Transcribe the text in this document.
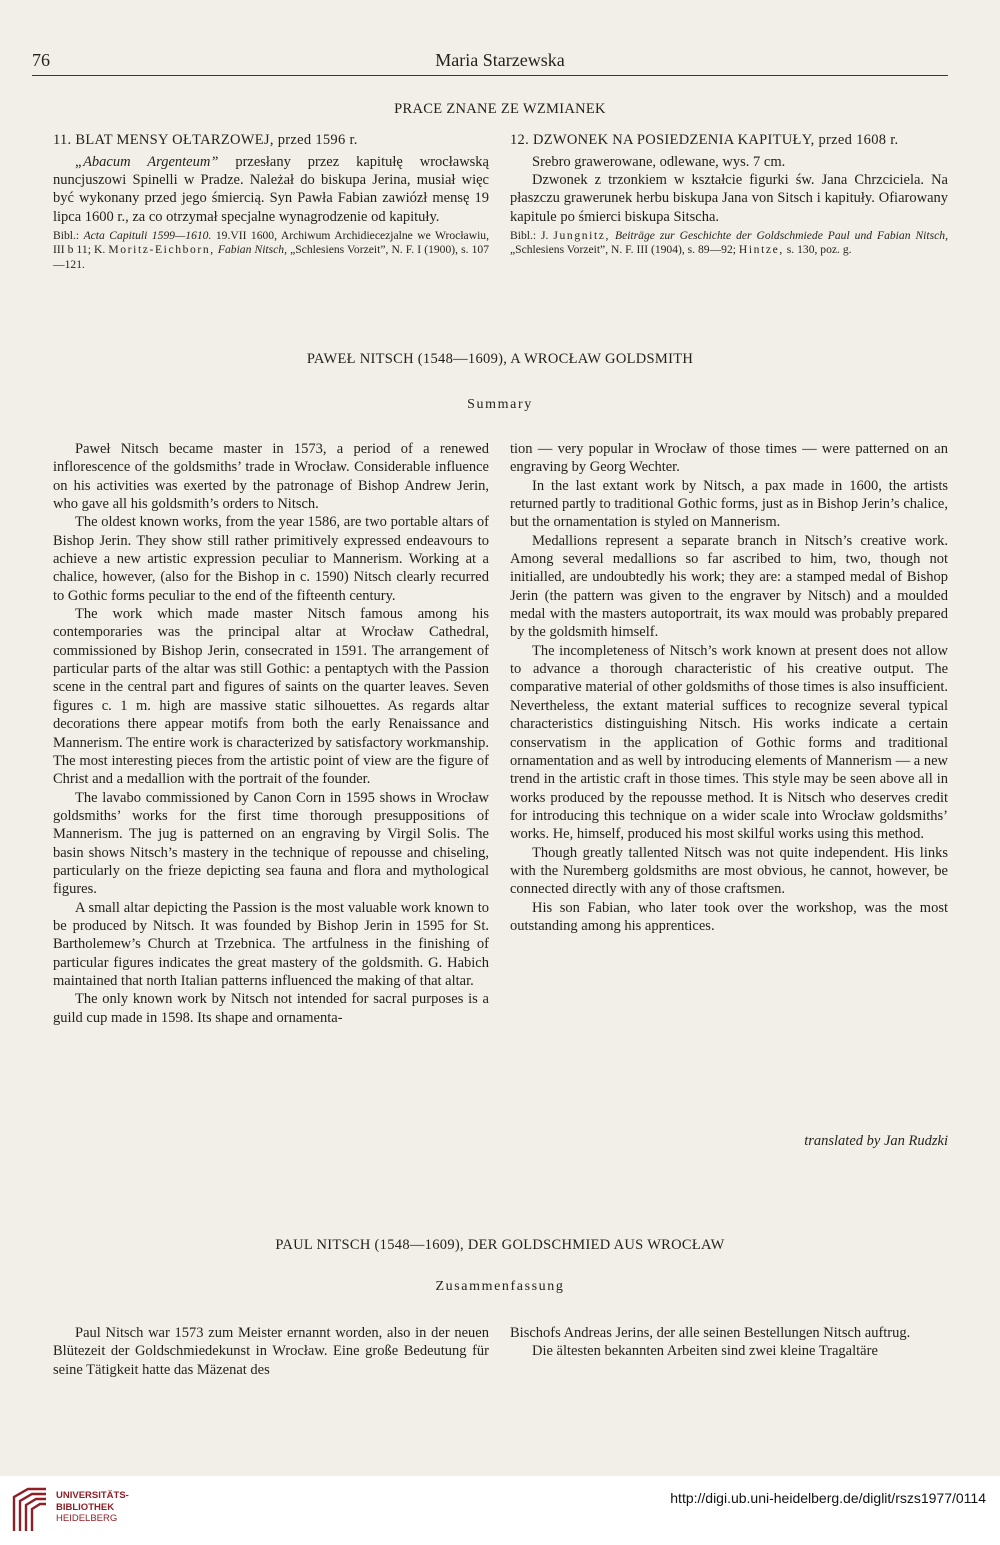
76	Maria Starzewska
PRACE ZNANE ZE WZMIANEK

11. BLAT MENSY OŁTARZOWEJ, przed 1596 r.

„Abacum Argenteum” przesłany przez kapitułę wrocławską nuncjuszowi Spinelli w Pradze. Należał do biskupa Jerina, musiał więc być wykonany przed jego śmiercią. Syn Pawła Fabian zawiózł mensę 19 lipca 1600 r., za co otrzymał specjalne wynagrodzenie od kapituły.

Bibl.: Acta Capituli 1599—1610. 19.VII 1600, Archiwum Archidiecezjalne we Wrocławiu, III b 11; K. Moritz-Eichborn, Fabian Nitsch, „Schlesiens Vorzeit”, N. F. I (1900), s. 107—121.

12. DZWONEK NA POSIEDZENIA KAPITUŁY, przed 1608 r.

Srebro grawerowane, odlewane, wys. 7 cm.

Dzwonek z trzonkiem w kształcie figurki św. Jana Chrzciciela. Na płaszczu grawerunek herbu biskupa Jana von Sitsch i kapituły. Ofiarowany kapitule po śmierci biskupa Sitscha.

Bibl.: J. Jungnitz, Beiträge zur Geschichte der Goldschmiede Paul und Fabian Nitsch, „Schlesiens Vorzeit”, N. F. III (1904), s. 89—92; Hintze, s. 130, poz. g.
PAWEŁ NITSCH (1548—1609), A WROCŁAW GOLDSMITH
Summary

Paweł Nitsch became master in 1573, a period of a renewed inflorescence of the goldsmiths’ trade in Wrocław. Considerable influence on his activities was exerted by the patronage of Bishop Andrew Jerin, who gave all his goldsmith’s orders to Nitsch.

The oldest known works, from the year 1586, are two portable altars of Bishop Jerin. They show still rather primitively expressed endeavours to achieve a new artistic expression peculiar to Mannerism. Working at a chalice, however, (also for the Bishop in c. 1590) Nitsch clearly recurred to Gothic forms peculiar to the end of the fifteenth century.

The work which made master Nitsch famous among his contemporaries was the principal altar at Wrocław Cathedral, commissioned by Bishop Jerin, consecrated in 1591. The arrangement of particular parts of the altar was still Gothic: a pentaptych with the Passion scene in the central part and figures of saints on the quarter leaves. Seven figures c. 1 m. high are massive static silhouettes. As regards altar decorations there appear motifs from both the early Renaissance and Mannerism. The entire work is characterized by satisfactory workmanship. The most interesting pieces from the artistic point of view are the figure of Christ and a medallion with the portrait of the founder.

The lavabo commissioned by Canon Corn in 1595 shows in Wrocław goldsmiths’ works for the first time thorough presuppositions of Mannerism. The jug is patterned on an engraving by Virgil Solis. The basin shows Nitsch’s mastery in the technique of repousse and chiseling, particularly on the frieze depicting sea fauna and flora and mythological figures.

A small altar depicting the Passion is the most valuable work known to be produced by Nitsch. It was founded by Bishop Jerin in 1595 for St. Bartholemew’s Church at Trzebnica. The artfulness in the finishing of particular figures indicates the great mastery of the goldsmith. G. Habich maintained that north Italian patterns influenced the making of that altar.

The only known work by Nitsch not intended for sacral purposes is a guild cup made in 1598. Its shape and ornamenta-

tion — very popular in Wrocław of those times — were patterned on an engraving by Georg Wechter.

In the last extant work by Nitsch, a pax made in 1600, the artists returned partly to traditional Gothic forms, just as in Bishop Jerin’s chalice, but the ornamentation is styled on Mannerism.

Medallions represent a separate branch in Nitsch’s creative work. Among several medallions so far ascribed to him, two, though not initialled, are undoubtedly his work; they are: a stamped medal of Bishop Jerin (the pattern was given to the engraver by Nitsch) and a moulded medal with the masters autoportrait, its wax mould was probably prepared by the goldsmith himself.

The incompleteness of Nitsch’s work known at present does not allow to advance a thorough characteristic of his creative output. The comparative material of other goldsmiths of those times is also insufficient. Nevertheless, the extant material suffices to recognize several typical characteristics distinguishing Nitsch. His works indicate a certain conservatism in the application of Gothic forms and traditional ornamentation and as well by introducing elements of Mannerism — a new trend in the artistic craft in those times. This style may be seen above all in works produced by the repousse method. It is Nitsch who deserves credit for introducing this technique on a wider scale into Wrocław goldsmiths’ works. He, himself, produced his most skilful works using this method.

Though greatly tallented Nitsch was not quite independent. His links with the Nuremberg goldsmiths are most obvious, he cannot, however, be connected directly with any of those craftsmen.

His son Fabian, who later took over the workshop, was the most outstanding among his apprentices.

translated by Jan Rudzki
PAUL NITSCH (1548—1609), DER GOLDSCHMIED AUS WROCŁAW
Zusammenfassung

Paul Nitsch war 1573 zum Meister ernannt worden, also in der neuen Blütezeit der Goldschmiedekunst in Wrocław. Eine große Bedeutung für seine Tätigkeit hatte das Mäzenat des

Bischofs Andreas Jerins, der alle seinen Bestellungen Nitsch auftrug.

Die ältesten bekannten Arbeiten sind zwei kleine Tragaltäre

UNIVERSITÄTS-
BIBLIOTHEK
HEIDELBERG
http://digi.ub.uni-heidelberg.de/diglit/rszs1977/0114
